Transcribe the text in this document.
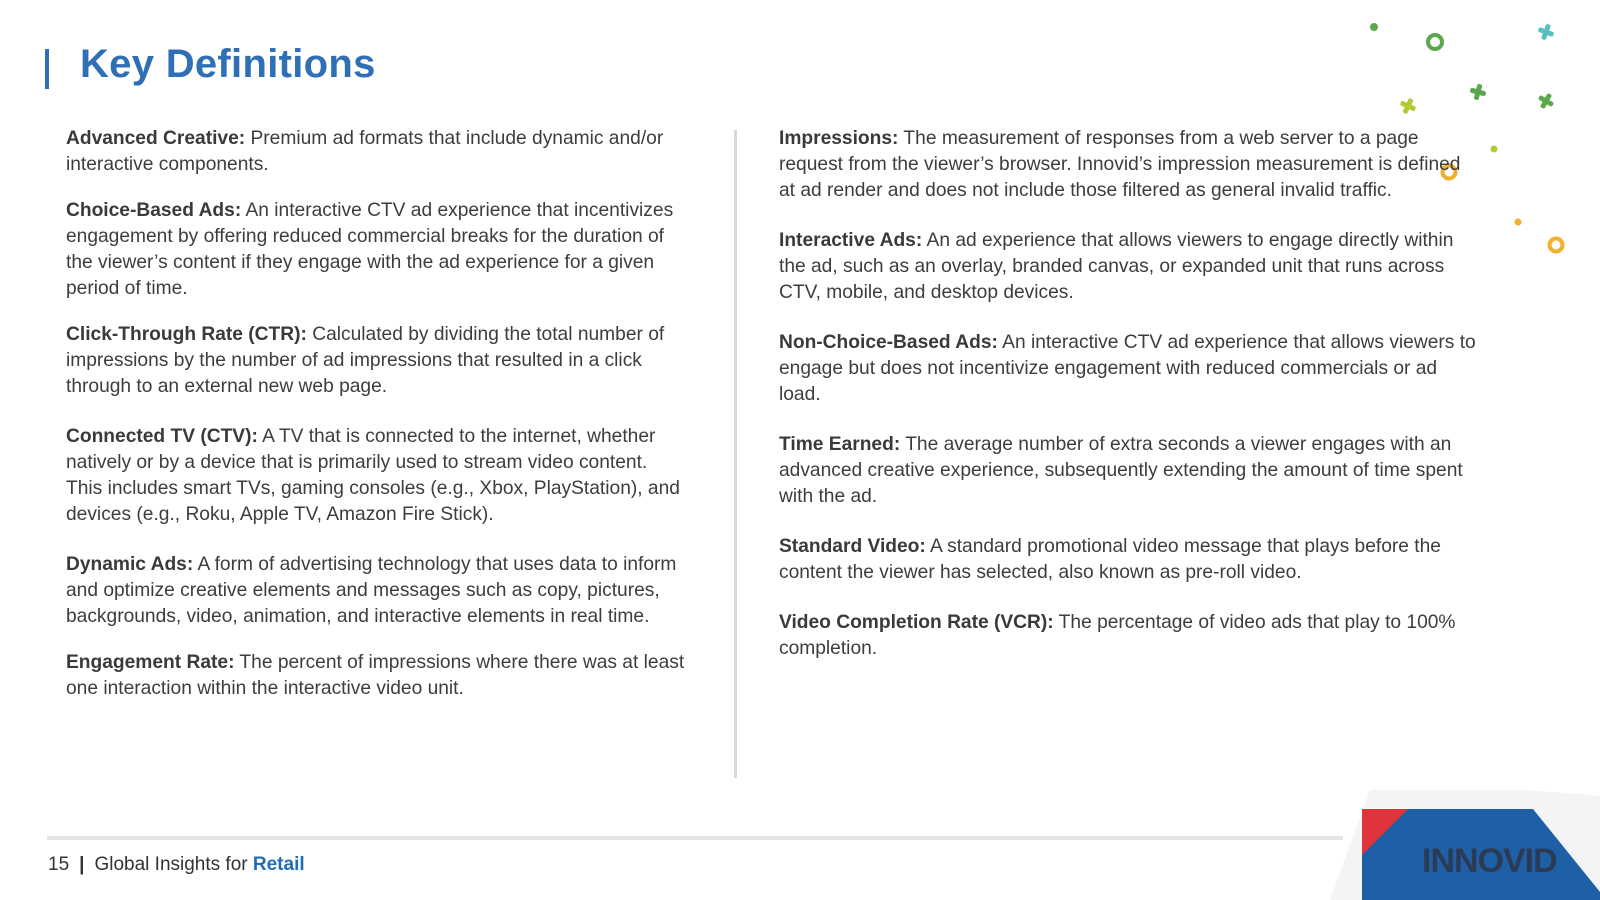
Key Definitions

Advanced Creative: Premium ad formats that include dynamic and/or interactive components.

Choice-Based Ads: An interactive CTV ad experience that incentivizes engagement by offering reduced commercial breaks for the duration of the viewer’s content if they engage with the ad experience for a given period of time.

Click-Through Rate (CTR): Calculated by dividing the total number of impressions by the number of ad impressions that resulted in a click through to an external new web page.

Connected TV (CTV): A TV that is connected to the internet, whether natively or by a device that is primarily used to stream video content. This includes smart TVs, gaming consoles (e.g., Xbox, PlayStation), and devices (e.g., Roku, Apple TV, Amazon Fire Stick).

Dynamic Ads: A form of advertising technology that uses data to inform and optimize creative elements and messages such as copy, pictures, backgrounds, video, animation, and interactive elements in real time.

Engagement Rate: The percent of impressions where there was at least one interaction within the interactive video unit.

Impressions: The measurement of responses from a web server to a page request from the viewer’s browser. Innovid’s impression measurement is defined at ad render and does not include those filtered as general invalid traffic.

Interactive Ads: An ad experience that allows viewers to engage directly within the ad, such as an overlay, branded canvas, or expanded unit that runs across CTV, mobile, and desktop devices.

Non-Choice-Based Ads: An interactive CTV ad experience that allows viewers to engage but does not incentivize engagement with reduced commercials or ad load.

Time Earned: The average number of extra seconds a viewer engages with an advanced creative experience, subsequently extending the amount of time spent with the ad.

Standard Video: A standard promotional video message that plays before the content the viewer has selected, also known as pre-roll video.

Video Completion Rate (VCR): The percentage of video ads that play to 100% completion.

15 | Global Insights for Retail	INNOVID
